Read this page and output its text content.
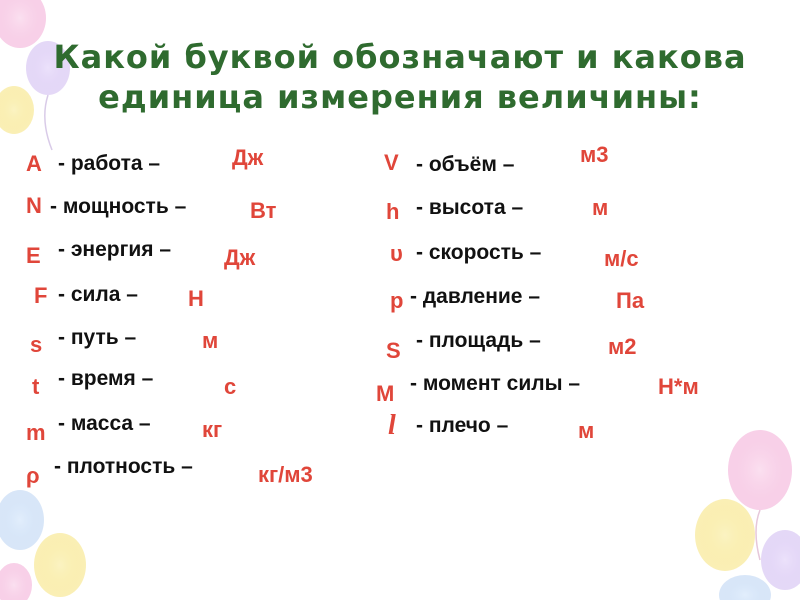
Какой буквой обозначают и какова
единица измерения величины:
A - работа –	Дж
N - мощность –	Вт
E - энергия – Дж
F - сила – Н
s - путь –	м
t - время –	с
m - масса – кг
ρ - плотность –	кг/м3
V - объём –	м3
h - высота –	м
υ - скорость –	м/с
p - давление –	Па
S - площадь –	м2
M - момент силы –	Н*м
l - плечо –	м
